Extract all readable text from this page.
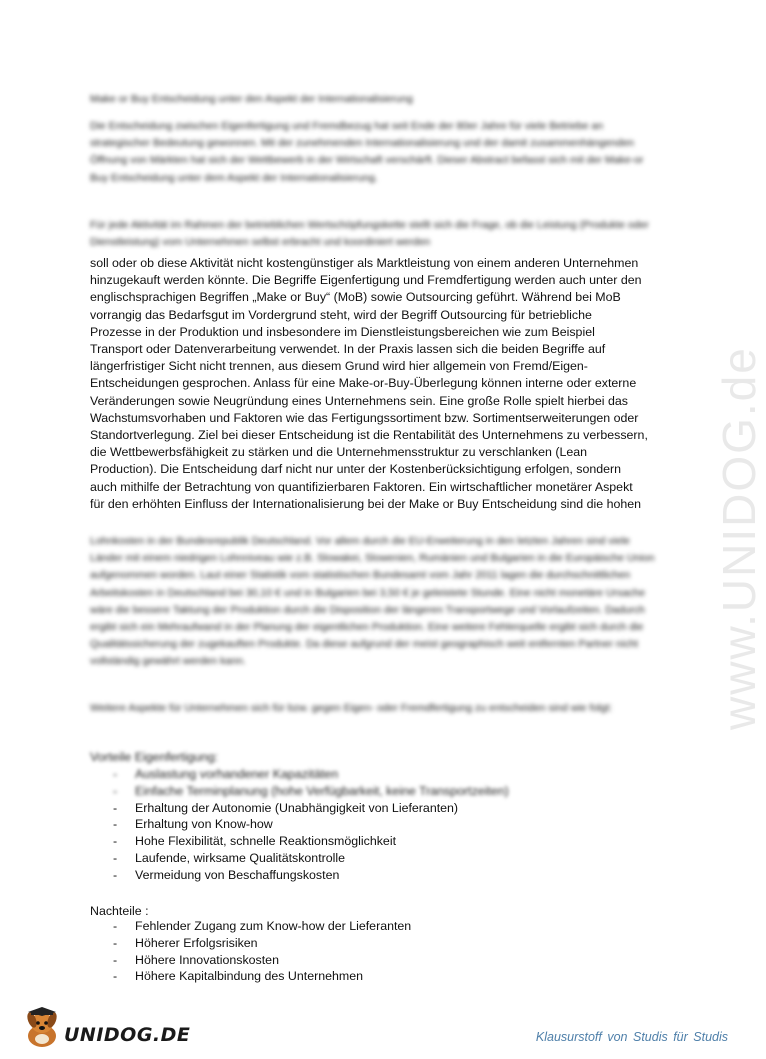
Make or Buy Entscheidung unter den Aspekt der Internationalisierung

Die Entscheidung zwischen Eigenfertigung und Fremdbezug hat seit Ende der 80er Jahre für viele Betriebe an strategischer Bedeutung gewonnen. Mit der zunehmenden Internationalisierung und der damit zusammenhängenden Öffnung von Märkten hat sich der Wettbewerb in der Wirtschaft verschärft. Dieser Abstract befasst sich mit der Make-or Buy Entscheidung unter dem Aspekt der Internationalisierung.

Für jede Aktivität im Rahmen der betrieblichen Wertschöpfungskette stellt sich die Frage, ob die Leistung (Produkte oder Dienstleistung) vom Unternehmen selbst erbracht und koordiniert werden

soll oder ob diese Aktivität nicht kostengünstiger als Marktleistung von einem anderen Unternehmen
hinzugekauft werden könnte. Die Begriffe Eigenfertigung und Fremdfertigung werden auch unter den
englischsprachigen Begriffen „Make or Buy“ (MoB) sowie Outsourcing geführt. Während bei MoB
vorrangig das Bedarfsgut im Vordergrund steht, wird der Begriff Outsourcing für betriebliche
Prozesse in der Produktion und insbesondere im Dienstleistungsbereichen wie zum Beispiel
Transport oder Datenverarbeitung verwendet. In der Praxis lassen sich die beiden Begriffe auf
längerfristiger Sicht nicht trennen, aus diesem Grund wird hier allgemein von Fremd/Eigen-
Entscheidungen gesprochen. Anlass für eine Make-or-Buy-Überlegung können interne oder externe
Veränderungen sowie Neugründung eines Unternehmens sein. Eine große Rolle spielt hierbei das
Wachstumsvorhaben und Faktoren wie das Fertigungssortiment bzw. Sortimentserweiterungen oder
Standortverlegung. Ziel bei dieser Entscheidung ist die Rentabilität des Unternehmens zu verbessern,
die Wettbewerbsfähigkeit zu stärken und die Unternehmensstruktur zu verschlanken (Lean
Production). Die Entscheidung darf nicht nur unter der Kostenberücksichtigung erfolgen, sondern
auch mithilfe der Betrachtung von quantifizierbaren Faktoren. Ein wirtschaftlicher monetärer Aspekt
für den erhöhten Einfluss der Internationalisierung bei der Make or Buy Entscheidung sind die hohen

Lohnkosten in der Bundesrepublik Deutschland. Vor allem durch die EU-Erweiterung in den letzten Jahren sind viele Länder mit einem niedrigen Lohnniveau wie z.B. Slowakei, Slowenien, Rumänien und Bulgarien in die Europäische Union aufgenommen worden. Laut einer Statistik vom statistischen Bundesamt vom Jahr 2011 lagen die durchschnittlichen Arbeitskosten in Deutschland bei 30,10 € und in Bulgarien bei 3,50 € je geleistete Stunde. Eine nicht monetäre Ursache wäre die bessere Taktung der Produktion durch die Disposition der längeren Transportwege und Vorlaufzeiten. Dadurch ergibt sich ein Mehraufwand in der Planung der eigentlichen Produktion. Eine weitere Fehlerquelle ergibt sich durch die Qualitätssicherung der zugekauften Produkte. Da diese aufgrund der meist geographisch weit entfernten Partner nicht vollständig gewährt werden kann.

Weitere Aspekte für Unternehmen sich für bzw. gegen Eigen- oder Fremdfertigung zu entscheiden sind wie folgt:

Vorteile Eigenfertigung:
- Auslastung vorhandener Kapazitäten
- Einfache Terminplanung (hohe Verfügbarkeit, keine Transportzeiten)
- Erhaltung der Autonomie (Unabhängigkeit von Lieferanten)
- Erhaltung von Know-how
- Hohe Flexibilität, schnelle Reaktionsmöglichkeit
- Laufende, wirksame Qualitätskontrolle
- Vermeidung von Beschaffungskosten
Nachteile :
- Fehlender Zugang zum Know-how der Lieferanten
- Höherer Erfolgsrisiken
- Höhere Innovationskosten
- Höhere Kapitalbindung des Unternehmen
www.UNIDOG.de
UNIDOG.DE	Klausurstoff von Studis für Studis
